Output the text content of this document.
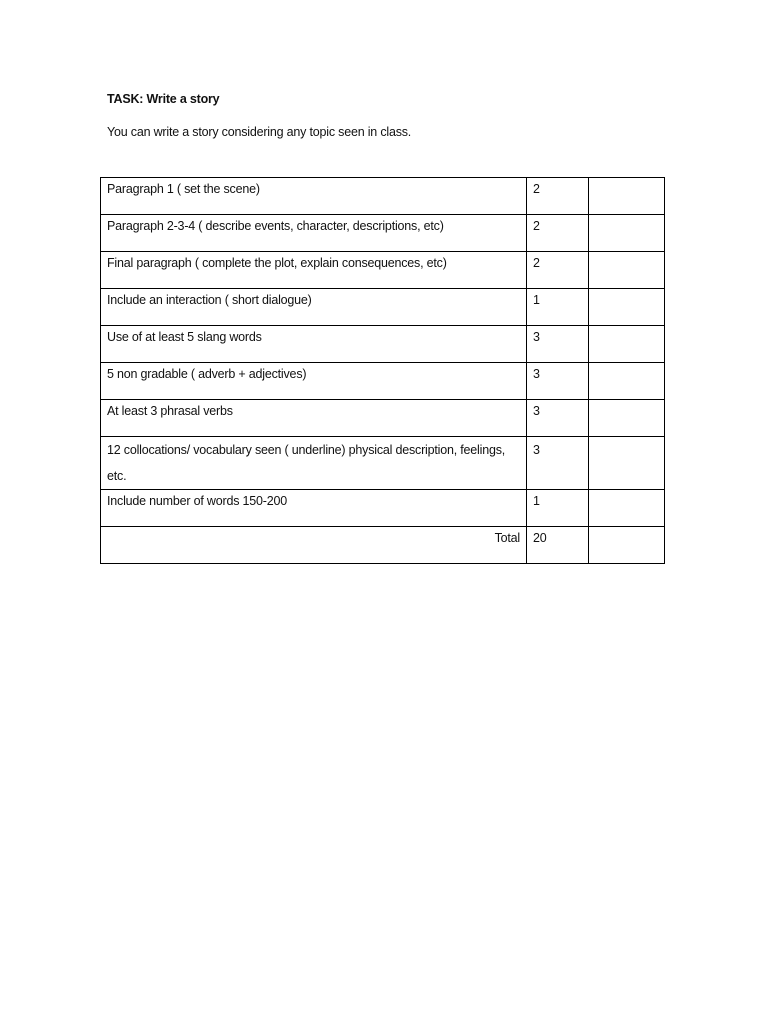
TASK: Write a story
You can write a story considering any topic seen in class.
Paragraph 1 ( set the scene)	2	
Paragraph 2-3-4 ( describe events, character, descriptions, etc)	2	
Final paragraph ( complete the plot, explain consequences, etc)	2	
Include an interaction ( short dialogue)	1	
Use of at least 5 slang words	3	
5 non gradable ( adverb + adjectives)	3	
At least 3 phrasal verbs	3	
12 collocations/ vocabulary seen ( underline) physical description, feelings, etc.	3	
Include number of words 150-200	1	
Total	20	
